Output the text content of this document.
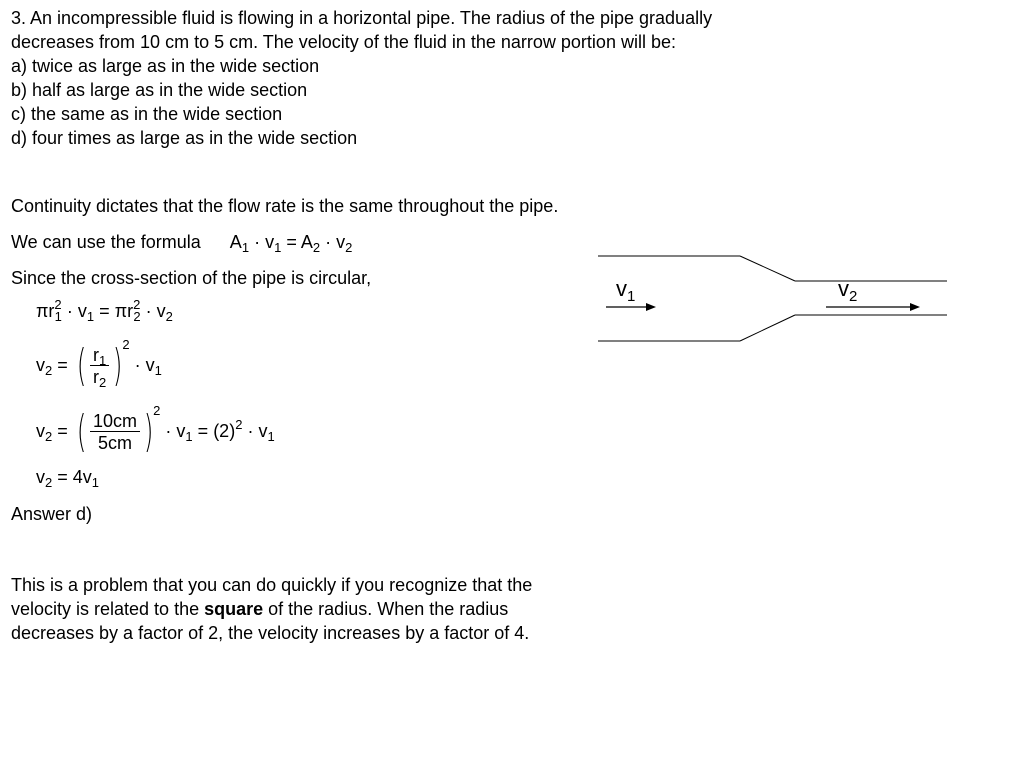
3. An incompressible fluid is flowing in a horizontal pipe. The radius of the pipe gradually
decreases from 10 cm to 5 cm. The velocity of the fluid in the narrow portion will be:
a) twice as large as in the wide section
b) half as large as in the wide section
c) the same as in the wide section
d) four times as large as in the wide section
Continuity dictates that the flow rate is the same throughout the pipe.
We can use the formula $A_1 \cdot v_1 = A_2 \cdot v_2$
Since the cross-section of the pipe is circular,
$\pi r^2_1 \cdot v_1 = \pi r^2_2 \cdot v_2$
$v_2$ = ( $\frac{r_1}{r_2} )^2 \cdot v_1$
$v_2$ = ( $\frac{10cm}{5cm} )^2 \cdot v_1 = (2)^2 \cdot v_1$
$v_2 = 4v_1$
Answer d)
This is a problem that you can do quickly if you recognize that the
velocity is related to the square of the radius. When the radius
decreases by a factor of 2, the velocity increases by a factor of 4.
$v_1$	$v_2$
